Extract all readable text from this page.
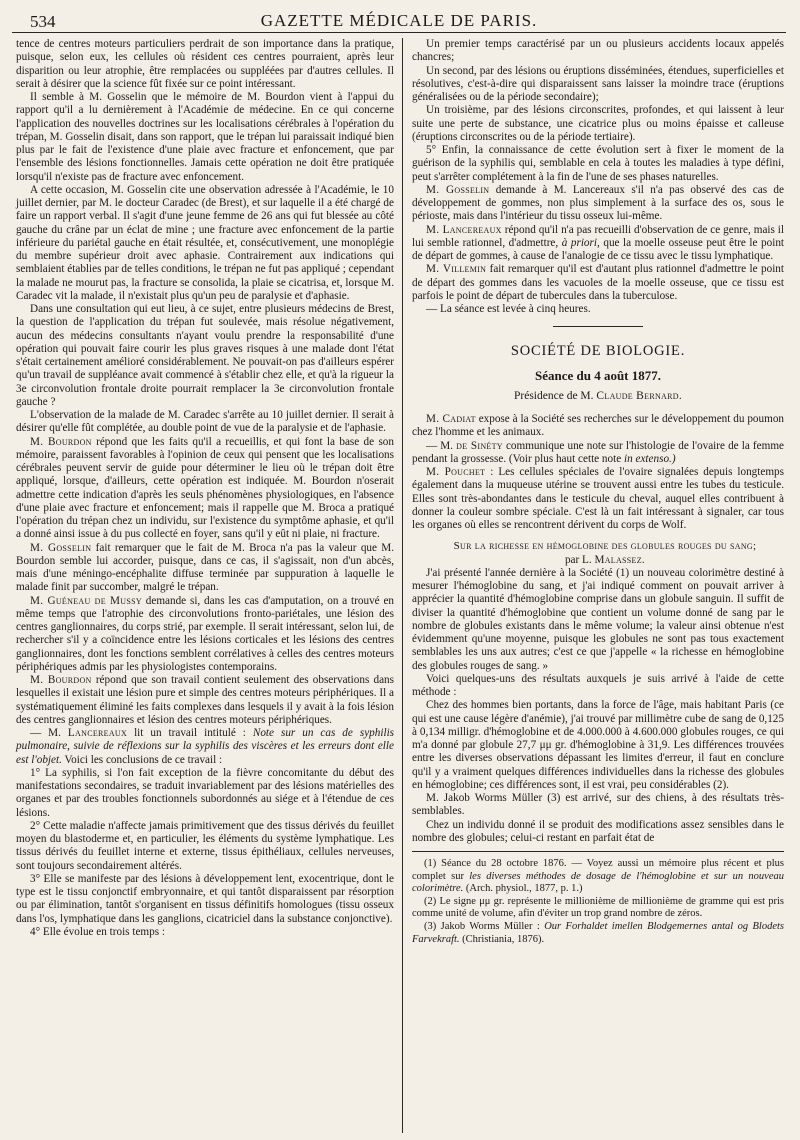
534	GAZETTE MÉDICALE DE PARIS.

tence de centres moteurs particuliers perdrait de son importance dans la pratique, puisque, selon eux, les cellules où résident ces centres pourraient, après leur disparition ou leur atrophie, être remplacées ou suppléées par d'autres cellules. Il serait à désirer que la science fût fixée sur ce point intéressant.

Il semble à M. Gosselin que le mémoire de M. Bourdon vient à l'appui du rapport qu'il a lu dernièrement à l'Académie de médecine. En ce qui concerne l'application des nouvelles doctrines sur les localisations cérébrales à l'opération du trépan, M. Gosselin disait, dans son rapport, que le trépan lui paraissait indiqué bien plus par le fait de l'existence d'une plaie avec fracture et enfoncement, que par l'ensemble des lésions fonctionnelles. Jamais cette opération ne doit être pratiquée lorsqu'il n'existe pas de fracture avec enfoncement.

A cette occasion, M. Gosselin cite une observation adressée à l'Académie, le 10 juillet dernier, par M. le docteur Caradec (de Brest), et sur laquelle il a été chargé de faire un rapport verbal. Il s'agit d'une jeune femme de 26 ans qui fut blessée au côté gauche du crâne par un éclat de mine ; une fracture avec enfoncement de la partie inférieure du pariétal gauche en était résultée, et, consécutivement, une monoplégie du membre supérieur droit avec aphasie. Contrairement aux indications qui semblaient établies par de telles conditions, le trépan ne fut pas appliqué ; cependant la malade ne mourut pas, la fracture se consolida, la plaie se cicatrisa, et, lorsque M. Caradec vit la malade, il n'existait plus qu'un peu de paralysie et d'aphasie.

Dans une consultation qui eut lieu, à ce sujet, entre plusieurs médecins de Brest, la question de l'application du trépan fut soulevée, mais résolue négativement, aucun des médecins consultants n'ayant voulu prendre la responsabilité d'une opération qui pouvait faire courir les plus graves risques à une malade dont l'état s'était certainement amélioré considérablement. Ne pouvait-on pas d'ailleurs espérer qu'un travail de suppléance avait commencé à s'établir chez elle, et qu'à la rigueur la 3e circonvolution frontale droite pourrait remplacer la 3e circonvolution frontale gauche ?

L'observation de la malade de M. Caradec s'arrête au 10 juillet dernier. Il serait à désirer qu'elle fût complétée, au double point de vue de la paralysie et de l'aphasie.

M. Bourdon répond que les faits qu'il a recueillis, et qui font la base de son mémoire, paraissent favorables à l'opinion de ceux qui pensent que les localisations cérébrales peuvent servir de guide pour déterminer le lieu où le trépan doit être appliqué, lorsque, d'ailleurs, cette opération est indiquée. M. Bourdon n'oserait admettre cette indication d'après les seuls phénomènes physiologiques, en l'absence d'une plaie avec fracture et enfoncement; mais il rappelle que M. Broca a pratiqué l'opération du trépan chez un individu, sur l'existence du symptôme aphasie, et qu'il a donné ainsi issue à du pus collecté en foyer, sans qu'il y eût ni plaie, ni fracture.

M. Gosselin fait remarquer que le fait de M. Broca n'a pas la valeur que M. Bourdon semble lui accorder, puisque, dans ce cas, il s'agissait, non d'un abcès, mais d'une méningo-encéphalite diffuse terminée par suppuration à laquelle le malade finit par succomber, malgré le trépan.

M. Guéneau de Mussy demande si, dans les cas d'amputation, on a trouvé en même temps que l'atrophie des circonvolutions fronto-pariétales, une lésion des centres ganglionnaires, du corps strié, par exemple. Il serait intéressant, selon lui, de rechercher s'il y a coïncidence entre les lésions corticales et les lésions des centres ganglionnaires, dont les fonctions semblent corrélatives à celles des centres moteurs périphériques admis par les physiologistes contemporains.

M. Bourdon répond que son travail contient seulement des observations dans lesquelles il existait une lésion pure et simple des centres moteurs périphériques. Il a systématiquement éliminé les faits complexes dans lesquels il y avait à la fois lésion des centres ganglionnaires et lésion des centres moteurs périphériques.

— M. Lancereaux lit un travail intitulé : Note sur un cas de syphilis pulmonaire, suivie de réflexions sur la syphilis des viscères et les erreurs dont elle est l'objet. Voici les conclusions de ce travail :

1° La syphilis, si l'on fait exception de la fièvre concomitante du début des manifestations secondaires, se traduit invariablement par des lésions matérielles des organes et par des troubles fonctionnels subordonnés au siége et à l'étendue de ces lésions.

2° Cette maladie n'affecte jamais primitivement que des tissus dérivés du feuillet moyen du blastoderme et, en particulier, les éléments du système lymphatique. Les tissus dérivés du feuillet interne et externe, tissus épithéliaux, cellules nerveuses, sont toujours secondairement altérés.

3° Elle se manifeste par des lésions à développement lent, exocentrique, dont le type est le tissu conjonctif embryonnaire, et qui tantôt disparaissent par résorption ou par élimination, tantôt s'organisent en tissus définitifs homologues (tissu osseux dans l'os, lymphatique dans les ganglions, cicatriciel dans la substance conjonctive).

4° Elle évolue en trois temps :

Un premier temps caractérisé par un ou plusieurs accidents locaux appelés chancres;

Un second, par des lésions ou éruptions disséminées, étendues, superficielles et résolutives, c'est-à-dire qui disparaissent sans laisser la moindre trace (éruptions généralisées ou de la période secondaire);

Un troisième, par des lésions circonscrites, profondes, et qui laissent à leur suite une perte de substance, une cicatrice plus ou moins épaisse et calleuse (éruptions circonscrites ou de la période tertiaire).

5° Enfin, la connaissance de cette évolution sert à fixer le moment de la guérison de la syphilis qui, semblable en cela à toutes les maladies à type défini, peut s'arrêter complétement à la fin de l'une de ses phases naturelles.

M. Gosselin demande à M. Lancereaux s'il n'a pas observé des cas de développement de gommes, non plus simplement à la surface des os, sous le périoste, mais dans l'intérieur du tissu osseux lui-même.

M. Lancereaux répond qu'il n'a pas recueilli d'observation de ce genre, mais il lui semble rationnel, d'admettre, à priori, que la moelle osseuse peut être le point de départ de gommes, à cause de l'analogie de ce tissu avec le tissu lymphatique.

M. Villemin fait remarquer qu'il est d'autant plus rationnel d'admettre le point de départ des gommes dans les vacuoles de la moelle osseuse, que ce tissu est parfois le point de départ de tubercules dans la tuberculose.

— La séance est levée à cinq heures.

SOCIÉTÉ DE BIOLOGIE.
Séance du 4 août 1877.
Présidence de M. Claude Bernard.

M. Cadiat expose à la Société ses recherches sur le développement du poumon chez l'homme et les animaux.

— M. de Sinéty communique une note sur l'histologie de l'ovaire de la femme pendant la grossesse. (Voir plus haut cette note in extenso.)

M. Pouchet : Les cellules spéciales de l'ovaire signalées depuis longtemps également dans la muqueuse utérine se trouvent aussi entre les tubes du testicule. Elles sont très-abondantes dans le testicule du cheval, auquel elles contribuent à donner la couleur sombre spéciale. C'est là un fait intéressant à signaler, car tous les organes où elles se rencontrent dérivent du corps de Wolf.

Sur la richesse en hémoglobine des globules rouges du sang;

par L. Malassez.

J'ai présenté l'année dernière à la Société (1) un nouveau colorimètre destiné à mesurer l'hémoglobine du sang, et j'ai indiqué comment on pouvait arriver à apprécier la quantité d'hémoglobine comprise dans un globule sanguin. Il suffit de diviser la quantité d'hémoglobine que contient un volume donné de sang par le nombre de globules existants dans le même volume; la valeur ainsi obtenue n'est évidemment qu'une moyenne, puisque les globules ne sont pas tous exactement semblables les uns aux autres; c'est ce que j'appelle « la richesse en hémoglobine des globules rouges de sang. »

Voici quelques-uns des résultats auxquels je suis arrivé à l'aide de cette méthode :

Chez des hommes bien portants, dans la force de l'âge, mais habitant Paris (ce qui est une cause légère d'anémie), j'ai trouvé par millimètre cube de sang de 0,125 à 0,134 milligr. d'hémoglobine et de 4.000.000 à 4.600.000 globules rouges, ce qui m'a donné par globule 27,7 μμ gr. d'hémoglobine à 31,9. Les différences trouvées entre les diverses observations dépassant les limites d'erreur, il faut en conclure qu'il y a vraiment quelques différences individuelles dans la richesse des globules en hémoglobine; ces différences sont, il est vrai, peu considérables (2).

M. Jakob Worms Müller (3) est arrivé, sur des chiens, à des résultats très-semblables.

Chez un individu donné il se produit des modifications assez sensibles dans le nombre des globules; celui-ci restant en parfait état de

(1) Séance du 28 octobre 1876. — Voyez aussi un mémoire plus récent et plus complet sur les diverses méthodes de dosage de l'hémoglobine et sur un nouveau colorimètre. (Arch. physiol., 1877, p. 1.)

(2) Le signe μμ gr. représente le millionième de millionième de gramme qui est pris comme unité de volume, afin d'éviter un trop grand nombre de zéros.

(3) Jakob Worms Müller : Our Forhaldet imellen Blodgemernes antal og Blodets Farvekraft. (Christiania, 1876).
